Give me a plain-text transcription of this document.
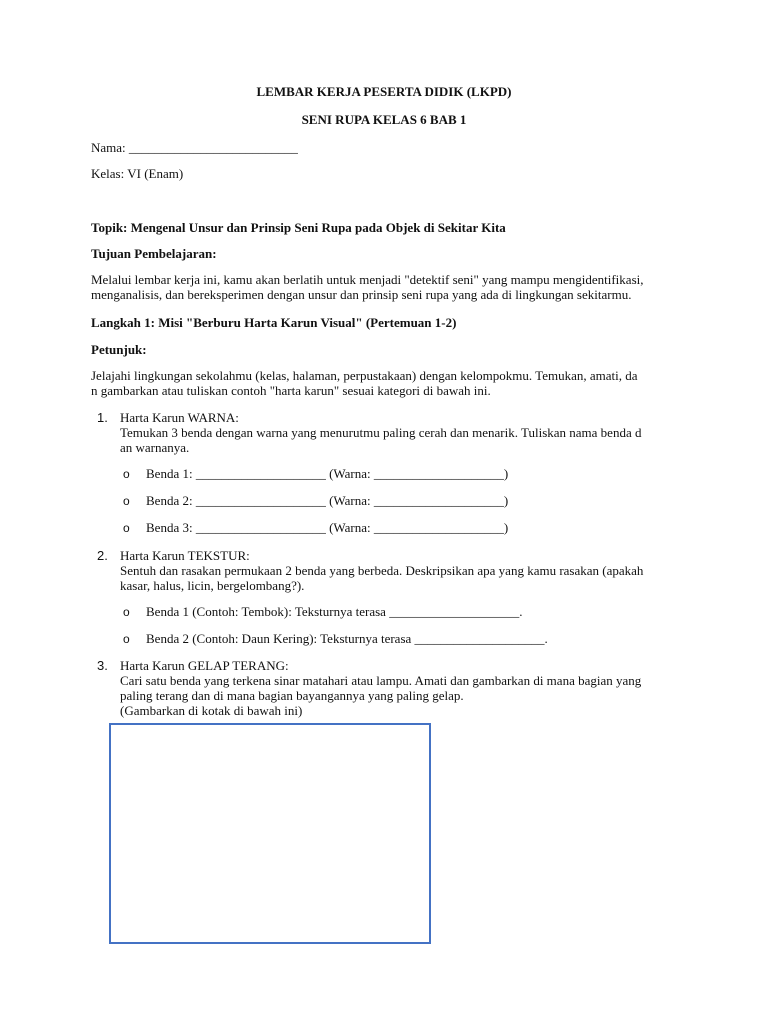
LEMBAR KERJA PESERTA DIDIK (LKPD)
SENI RUPA KELAS 6 BAB 1
Nama: __________________________
Kelas: VI (Enam)
Topik: Mengenal Unsur dan Prinsip Seni Rupa pada Objek di Sekitar Kita
Tujuan Pembelajaran:
Melalui lembar kerja ini, kamu akan berlatih untuk menjadi "detektif seni" yang mampu mengidentifikasi,
menganalisis, dan bereksperimen dengan unsur dan prinsip seni rupa yang ada di lingkungan sekitarmu.
Langkah 1: Misi "Berburu Harta Karun Visual" (Pertemuan 1-2)
Petunjuk:
Jelajahi lingkungan sekolahmu (kelas, halaman, perpustakaan) dengan kelompokmu. Temukan, amati, da
n gambarkan atau tuliskan contoh "harta karun" sesuai kategori di bawah ini.
1. Harta Karun WARNA:
Temukan 3 benda dengan warna yang menurutmu paling cerah dan menarik. Tuliskan nama benda d
an warnanya.
o Benda 1: ____________________ (Warna: ____________________)
o Benda 2: ____________________ (Warna: ____________________)
o Benda 3: ____________________ (Warna: ____________________)
2. Harta Karun TEKSTUR:
Sentuh dan rasakan permukaan 2 benda yang berbeda. Deskripsikan apa yang kamu rasakan (apakah
kasar, halus, licin, bergelombang?).
o Benda 1 (Contoh: Tembok): Teksturnya terasa ____________________.
o Benda 2 (Contoh: Daun Kering): Teksturnya terasa ____________________.
3. Harta Karun GELAP TERANG:
Cari satu benda yang terkena sinar matahari atau lampu. Amati dan gambarkan di mana bagian yang
paling terang dan di mana bagian bayangannya yang paling gelap.
(Gambarkan di kotak di bawah ini)
